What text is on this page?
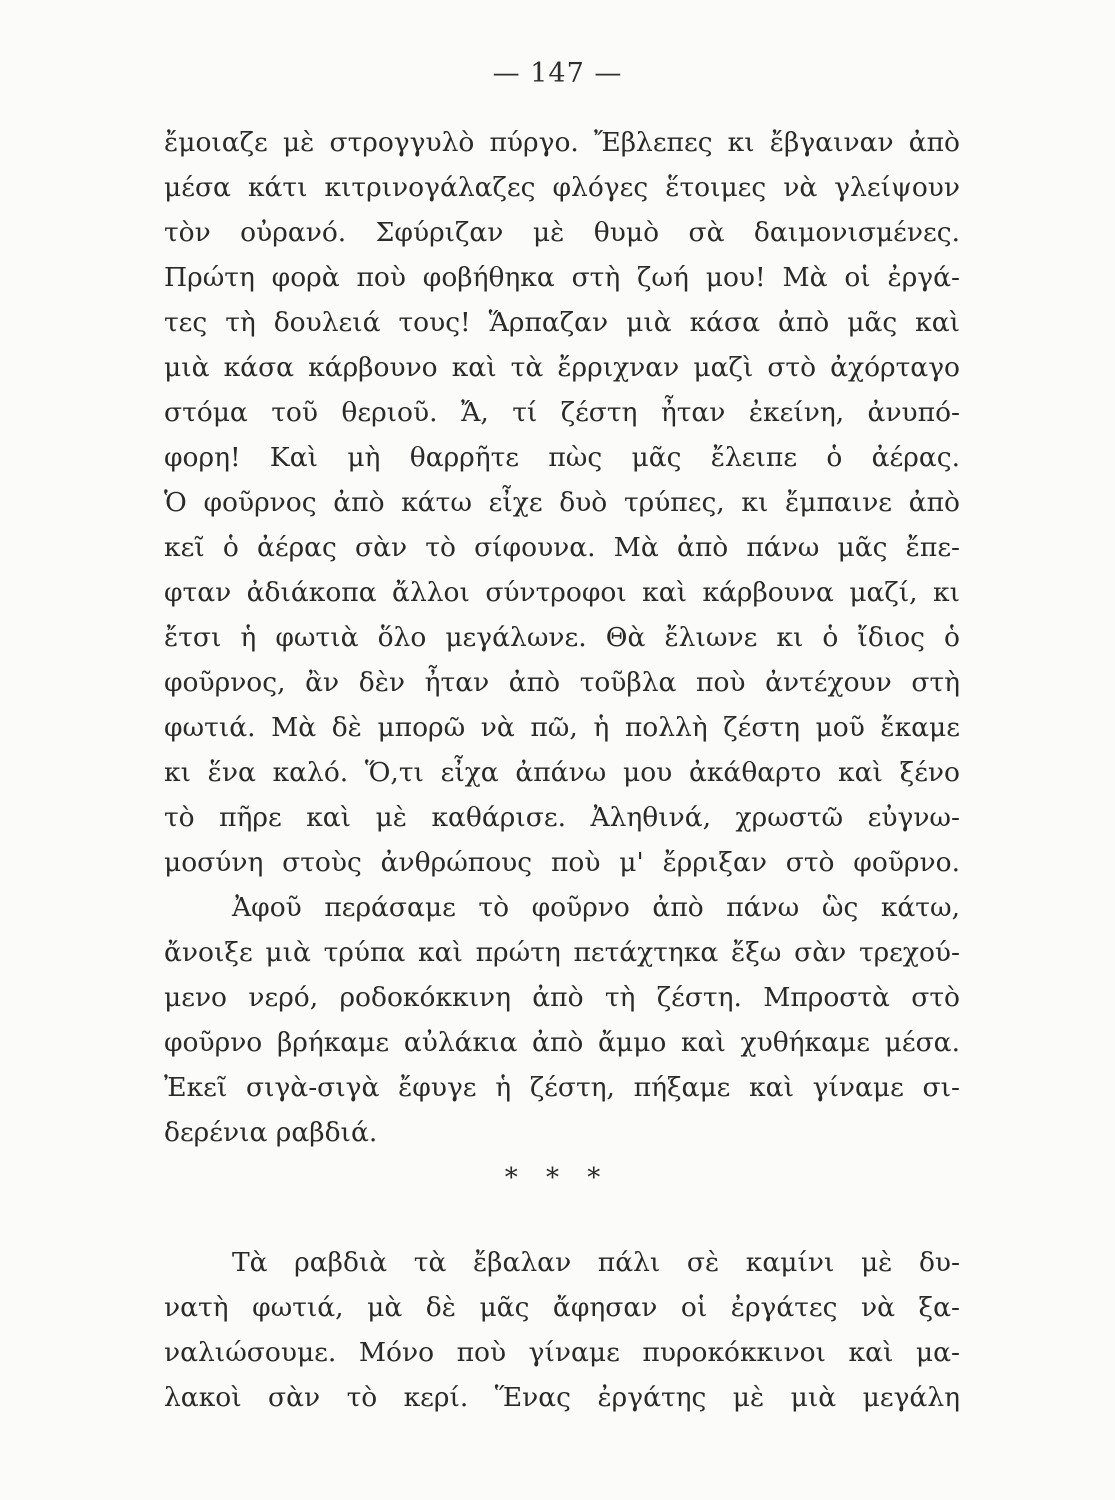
— 147 —
ἔμοιαζε μὲ στρογγυλὸ πύργο. Ἔβλεπες κι ἔβγαιναν ἀπὸ
μέσα κάτι κιτρινογάλαζες φλόγες ἕτοιμες νὰ γλείψουν
τὸν οὐρανό. Σφύριζαν μὲ θυμὸ σὰ δαιμονισμένες.
Πρώτη φορὰ ποὺ φοβήθηκα στὴ ζωή μου! Μὰ οἱ ἐργά-
τες τὴ δουλειά τους! Ἅρπαζαν μιὰ κάσα ἀπὸ μᾶς καὶ
μιὰ κάσα κάρβουνο καὶ τὰ ἔρριχναν μαζὶ στὸ ἀχόρταγο
στόμα τοῦ θεριοῦ. Ἄ, τί ζέστη ἦταν ἐκείνη, ἀνυπό-
φορη! Καὶ μὴ θαρρῆτε πὼς μᾶς ἔλειπε ὁ ἀέρας.
Ὁ φοῦρνος ἀπὸ κάτω εἶχε δυὸ τρύπες, κι ἔμπαινε ἀπὸ
κεῖ ὁ ἀέρας σὰν τὸ σίφουνα. Μὰ ἀπὸ πάνω μᾶς ἔπε-
φταν ἀδιάκοπα ἄλλοι σύντροφοι καὶ κάρβουνα μαζί, κι
ἔτσι ἡ φωτιὰ ὅλο μεγάλωνε. Θὰ ἔλιωνε κι ὁ ἴδιος ὁ
φοῦρνος, ἂν δὲν ἦταν ἀπὸ τοῦβλα ποὺ ἀντέχουν στὴ
φωτιά. Μὰ δὲ μπορῶ νὰ πῶ, ἡ πολλὴ ζέστη μοῦ ἔκαμε
κι ἕνα καλό. Ὅ,τι εἶχα ἀπάνω μου ἀκάθαρτο καὶ ξένο
τὸ πῆρε καὶ μὲ καθάρισε. Ἀληθινά, χρωστῶ εὐγνω-
μοσύνη στοὺς ἀνθρώπους ποὺ μ' ἔρριξαν στὸ φοῦρνο.
Ἀφοῦ περάσαμε τὸ φοῦρνο ἀπὸ πάνω ὣς κάτω,
ἄνοιξε μιὰ τρύπα καὶ πρώτη πετάχτηκα ἔξω σὰν τρεχού-
μενο νερό, ροδοκόκκινη ἀπὸ τὴ ζέστη. Μπροστὰ στὸ
φοῦρνο βρήκαμε αὐλάκια ἀπὸ ἄμμο καὶ χυθήκαμε μέσα.
Ἐκεῖ σιγὰ-σιγὰ ἔφυγε ἡ ζέστη, πήξαμε καὶ γίναμε σι-
δερένια ραβδιά.
* * *
Τὰ ραβδιὰ τὰ ἔβαλαν πάλι σὲ καμίνι μὲ δυ-
νατὴ φωτιά, μὰ δὲ μᾶς ἄφησαν οἱ ἐργάτες νὰ ξα-
ναλιώσουμε. Μόνο ποὺ γίναμε πυροκόκκινοι καὶ μα-
λακοὶ σὰν τὸ κερί. Ἕνας ἐργάτης μὲ μιὰ μεγάλη
